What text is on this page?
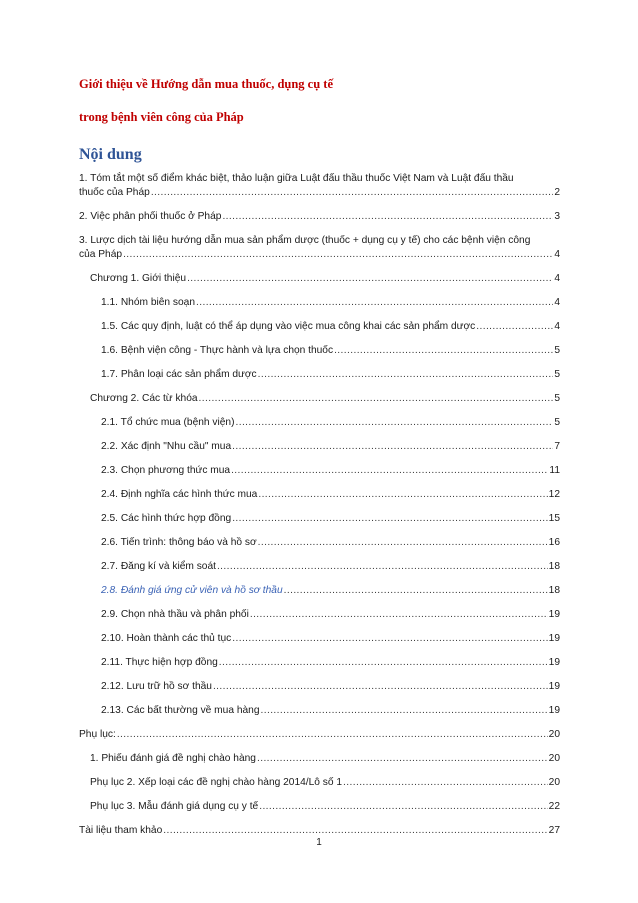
Giới thiệu về Hướng dẫn mua thuốc, dụng cụ tế
trong bệnh viên công của Pháp
Nội dung
1. Tóm tắt một số điểm khác biệt, thảo luận giữa Luật đấu thầu thuốc Việt Nam và Luật đấu thầu
thuốc của Pháp .....	2
2. Việc phân phối thuốc ở Pháp .....	3
3. Lược dịch tài liệu hướng dẫn mua sản phẩm dược (thuốc + dụng cụ y tế) cho các bệnh viện công
của Pháp .....	4
Chương 1. Giới thiệu .....	4
1.1. Nhóm biên soạn .....	4
1.5. Các quy định, luật có thể áp dụng vào việc mua công khai các sản phẩm dược .....	4
1.6. Bệnh viện công - Thực hành và lựa chọn thuốc .....	5
1.7. Phân loại các sản phẩm dược .....	5
Chương 2. Các từ khóa .....	5
2.1. Tổ chức mua (bệnh viện) .....	5
2.2. Xác định "Nhu cầu" mua .....	7
2.3. Chọn phương thức mua .....	11
2.4. Định nghĩa các hình thức mua .....	12
2.5. Các hình thức hợp đồng .....	15
2.6. Tiến trình: thông báo và hồ sơ .....	16
2.7. Đăng kí và kiểm soát .....	18
2.8. Đánh giá ứng cử viên và hồ sơ thầu .....	18
2.9. Chọn nhà thầu và phân phối .....	19
2.10. Hoàn thành các thủ tục .....	19
2.11. Thực hiện hợp đồng .....	19
2.12. Lưu trữ hồ sơ thầu .....	19
2.13. Các bất thường về mua hàng .....	19
Phụ lục: .....	20
1. Phiếu đánh giá đề nghị chào hàng .....	20
Phụ lục 2. Xếp loại các đề nghị chào hàng 2014/Lô số 1 .....	20
Phụ lục 3. Mẫu đánh giá dụng cụ y tế .....	22
Tài liệu tham khảo .....	27
1
